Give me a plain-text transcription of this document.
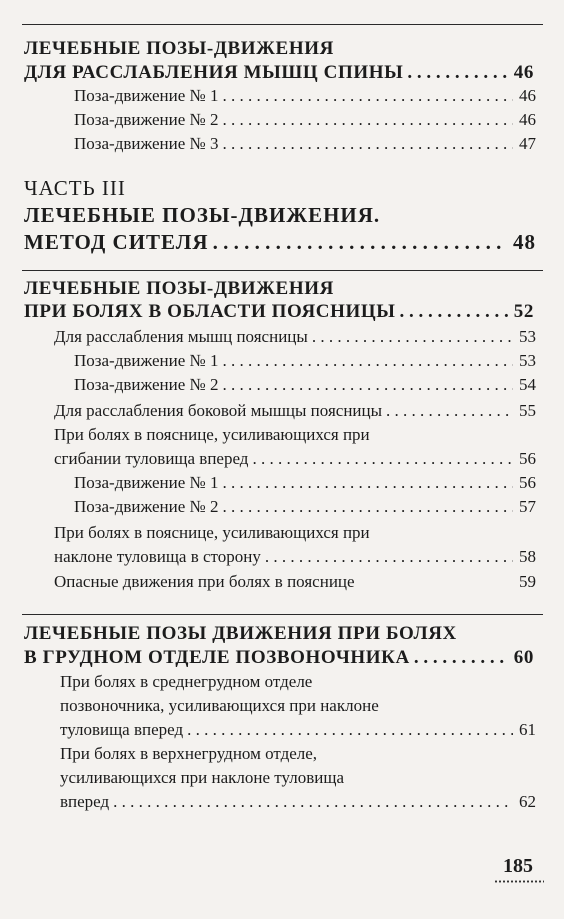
ЛЕЧЕБНЫЕ ПОЗЫ-ДВИЖЕНИЯ
ДЛЯ РАССЛАБЛЕНИЯ МЫШЦ СПИНЫ . . .	46
Поза-движение № 1 . . .	46
Поза-движение № 2 . . .	46
Поза-движение № 3 . . .	47
ЧАСТЬ III
ЛЕЧЕБНЫЕ ПОЗЫ-ДВИЖЕНИЯ.
МЕТОД СИТЕЛЯ . . .	48
ЛЕЧЕБНЫЕ ПОЗЫ-ДВИЖЕНИЯ
ПРИ БОЛЯХ В ОБЛАСТИ ПОЯСНИЦЫ . . .	52
Для расслабления мышц поясницы . . .	53
Поза-движение № 1 . . .	53
Поза-движение № 2 . . .	54
Для расслабления боковой мышцы поясницы . . .	55
При болях в пояснице, усиливающихся при
сгибании туловища вперед . . .	56
Поза-движение № 1 . . .	56
Поза-движение № 2 . . .	57
При болях в пояснице, усиливающихся при
наклоне туловища в сторону . . .	58
Опасные движения при болях в пояснице	59
ЛЕЧЕБНЫЕ ПОЗЫ ДВИЖЕНИЯ ПРИ БОЛЯХ
В ГРУДНОМ ОТДЕЛЕ ПОЗВОНОЧНИКА . . .	60
При болях в среднегрудном отделе
позвоночника, усиливающихся при наклоне
туловища вперед . . .	61
При болях в верхнегрудном отделе,
усиливающихся при наклоне туловища
вперед . . .	62
185
